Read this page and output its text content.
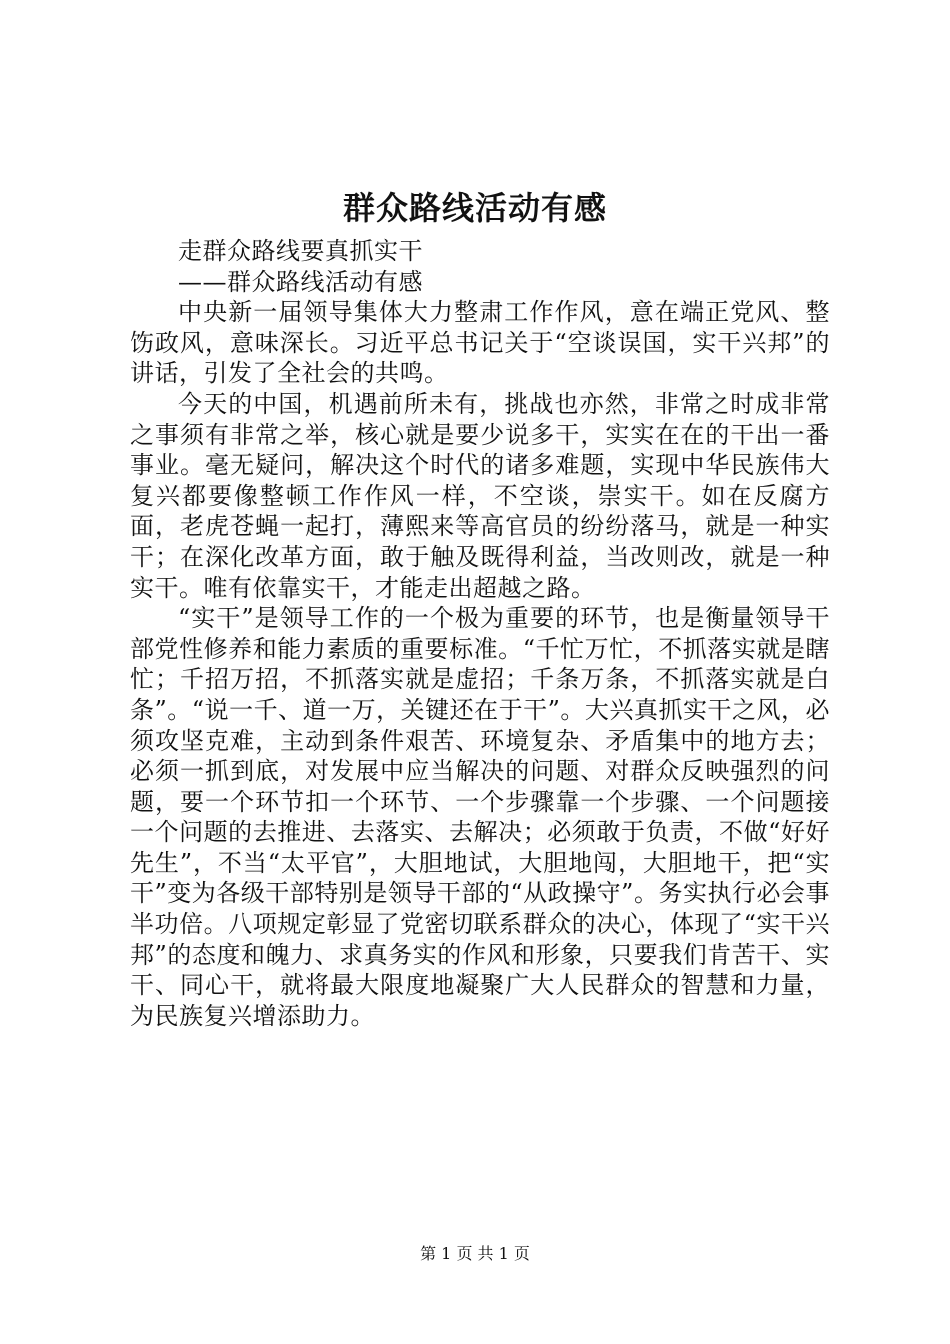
群众路线活动有感

走群众路线要真抓实干

——群众路线活动有感

中央新一届领导集体大力整肃工作作风，意在端正党风、整饬政风，意味深长。习近平总书记关于“空谈误国，实干兴邦”的讲话，引发了全社会的共鸣。

今天的中国，机遇前所未有，挑战也亦然，非常之时成非常之事须有非常之举，核心就是要少说多干，实实在在的干出一番事业。毫无疑问，解决这个时代的诸多难题，实现中华民族伟大复兴都要像整顿工作作风一样，不空谈，崇实干。如在反腐方面，老虎苍蝇一起打，薄熙来等高官员的纷纷落马，就是一种实干；在深化改革方面，敢于触及既得利益，当改则改，就是一种实干。唯有依靠实干，才能走出超越之路。

“实干”是领导工作的一个极为重要的环节，也是衡量领导干部党性修养和能力素质的重要标准。“千忙万忙，不抓落实就是瞎忙；千招万招，不抓落实就是虚招；千条万条，不抓落实就是白条”。“说一千、道一万，关键还在于干”。大兴真抓实干之风，必须攻坚克难，主动到条件艰苦、环境复杂、矛盾集中的地方去；必须一抓到底，对发展中应当解决的问题、对群众反映强烈的问题，要一个环节扣一个环节、一个步骤靠一个步骤、一个问题接一个问题的去推进、去落实、去解决；必须敢于负责，不做“好好先生”，不当“太平官”，大胆地试，大胆地闯，大胆地干，把“实干”变为各级干部特别是领导干部的“从政操守”。务实执行必会事半功倍。八项规定彰显了党密切联系群众的决心，体现了“实干兴邦”的态度和魄力、求真务实的作风和形象，只要我们肯苦干、实干、同心干，就将最大限度地凝聚广大人民群众的智慧和力量，为民族复兴增添助力。

第 1 页 共 1 页
